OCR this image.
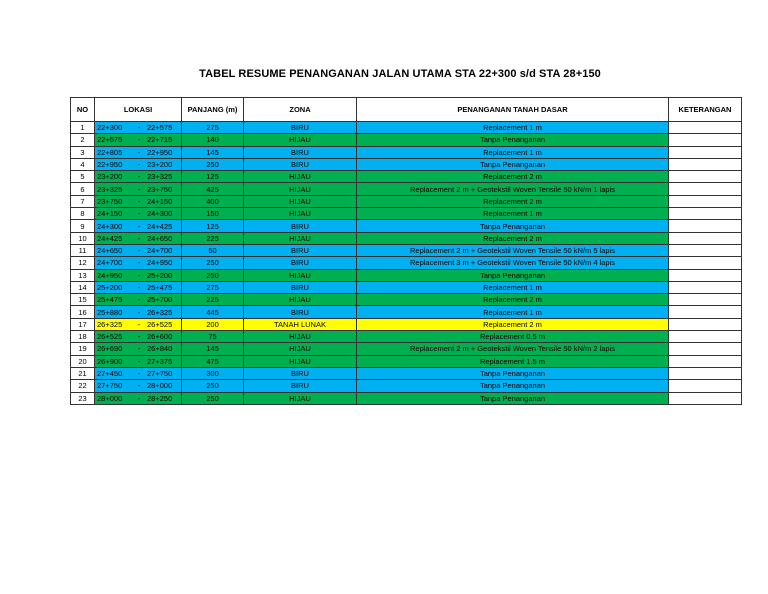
TABEL RESUME PENANGANAN JALAN UTAMA STA 22+300 s/d STA 28+150
NO	LOKASI	PANJANG (m)	ZONA	PENANGANAN TANAH DASAR	KETERANGAN
1	22+300 - 22+575	275	BIRU	Replacement 1 m	
2	22+575 - 22+715	140	HIJAU	Tanpa Penanganan	
3	22+805 - 22+950	145	BIRU	Replacement 1 m	
4	22+950 - 23+200	250	BIRU	Tanpa Penanganan	
5	23+200 - 23+325	125	HIJAU	Replacement 2 m	
6	23+325 - 23+750	425	HIJAU	Replacement 2 m + Geotekstil Woven Tensile 50 kN/m 1 lapis	
7	23+750 - 24+150	400	HIJAU	Replacement 2 m	
8	24+150 - 24+300	150	HIJAU	Replacement 1 m	
9	24+300 - 24+425	125	BIRU	Tanpa Penanganan	
10	24+425 - 24+650	225	HIJAU	Replacement 2 m	
11	24+650 - 24+700	50	BIRU	Replacement 2 m + Geotekstil Woven Tensile 50 kN/m 5 lapis	
12	24+700 - 24+950	250	BIRU	Replacement 3 m + Geotekstil Woven Tensile 50 kN/m 4 lapis	
13	24+950 - 25+200	250	HIJAU	Tanpa Penanganan	
14	25+200 - 25+475	275	BIRU	Replacement 1 m	
15	25+475 - 25+700	225	HIJAU	Replacement 2 m	
16	25+880 - 26+325	445	BIRU	Replacement 1 m	
17	26+325 - 26+525	200	TANAH LUNAK	Replacement 2 m	
18	26+525 - 26+600	75	HIJAU	Replacement 0.5 m	
19	26+690 - 26+840	145	HIJAU	Replacement 2 m + Geotekstil Woven Tensile 50 kN/m 2 lapis	
20	26+900 - 27+375	475	HIJAU	Replacement 1.5 m	
21	27+450 - 27+750	300	BIRU	Tanpa Penanganan	
22	27+750 - 28+000	250	BIRU	Tanpa Penanganan	
23	28+000 - 28+250	250	HIJAU	Tanpa Penanganan	
